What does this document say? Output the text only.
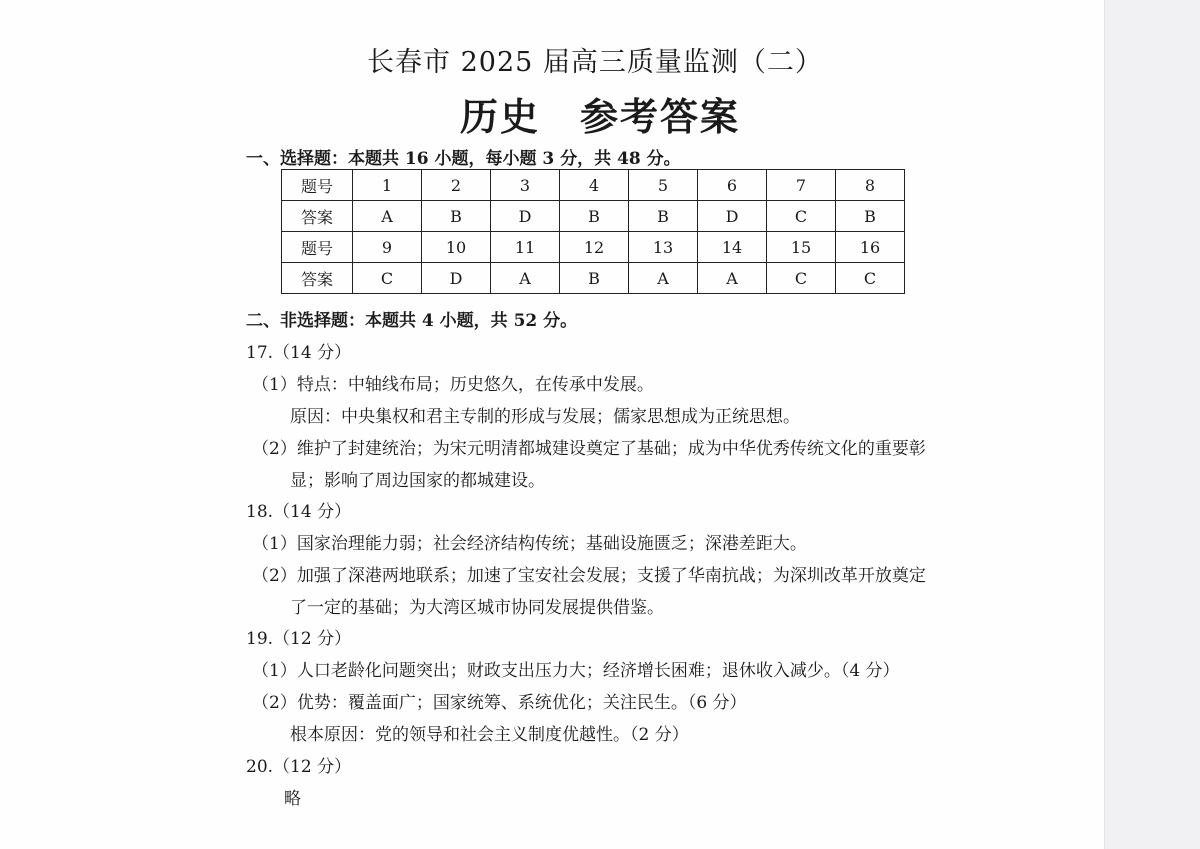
长春市 2025 届高三质量监测（二）
历史 参考答案
一、选择题：本题共 16 小题，每小题 3 分，共 48 分。
题号	1	2	3	4	5	6	7	8
答案	A	B	D	B	B	D	C	B
题号	9	10	11	12	13	14	15	16
答案	C	D	A	B	A	A	C	C
二、非选择题：本题共 4 小题，共 52 分。
17.（14 分）
（1）特点：中轴线布局；历史悠久，在传承中发展。
原因：中央集权和君主专制的形成与发展；儒家思想成为正统思想。
（2）维护了封建统治；为宋元明清都城建设奠定了基础；成为中华优秀传统文化的重要彰
显；影响了周边国家的都城建设。
18.（14 分）
（1）国家治理能力弱；社会经济结构传统；基础设施匮乏；深港差距大。
（2）加强了深港两地联系；加速了宝安社会发展；支援了华南抗战；为深圳改革开放奠定
了一定的基础；为大湾区城市协同发展提供借鉴。
19.（12 分）
（1）人口老龄化问题突出；财政支出压力大；经济增长困难；退休收入减少。（4 分）
（2）优势：覆盖面广；国家统筹、系统优化；关注民生。（6 分）
根本原因：党的领导和社会主义制度优越性。（2 分）
20.（12 分）
略
